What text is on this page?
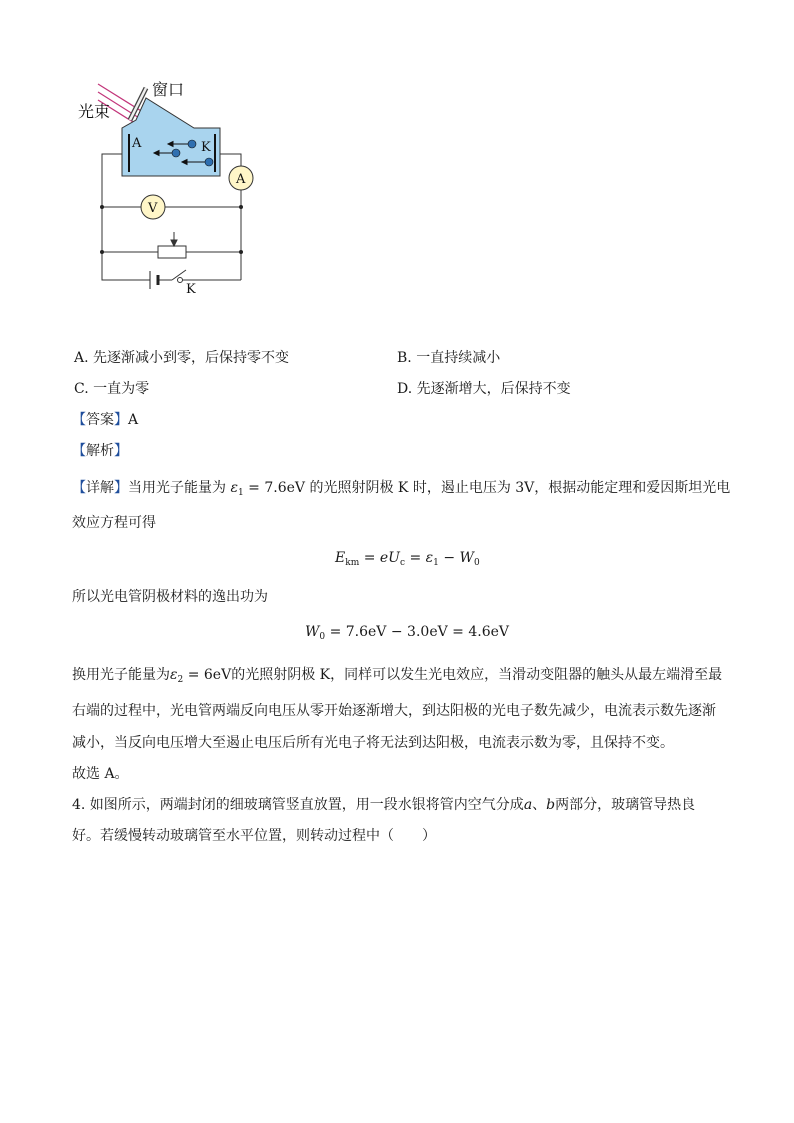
窗口
光束
A	K
A
V
K
A. 先逐渐减小到零，后保持零不变	B. 一直持续减小
C. 一直为零	D. 先逐渐增大，后保持不变
【答案】A
【解析】
【详解】当用光子能量为 $\varepsilon_1 = 7.6eV$ 的光照射阴极 K 时，遏止电压为 3V，根据动能定理和爱因斯坦光电
效应方程可得
$E_{km} = eU_c = \varepsilon_1 - W_0$
所以光电管阴极材料的逸出功为
$W_0 = 7.6eV - 3.0eV = 4.6eV$
换用光子能量为$\varepsilon_2 = 6eV$的光照射阴极 K，同样可以发生光电效应，当滑动变阻器的触头从最左端滑至最
右端的过程中，光电管两端反向电压从零开始逐渐增大，到达阳极的光电子数先减少，电流表示数先逐渐
减小，当反向电压增大至遏止电压后所有光电子将无法到达阳极，电流表示数为零，且保持不变。
故选 A。
4. 如图所示，两端封闭的细玻璃管竖直放置，用一段水银将管内空气分成a、b两部分，玻璃管导热良
好。若缓慢转动玻璃管至水平位置，则转动过程中（　　）
